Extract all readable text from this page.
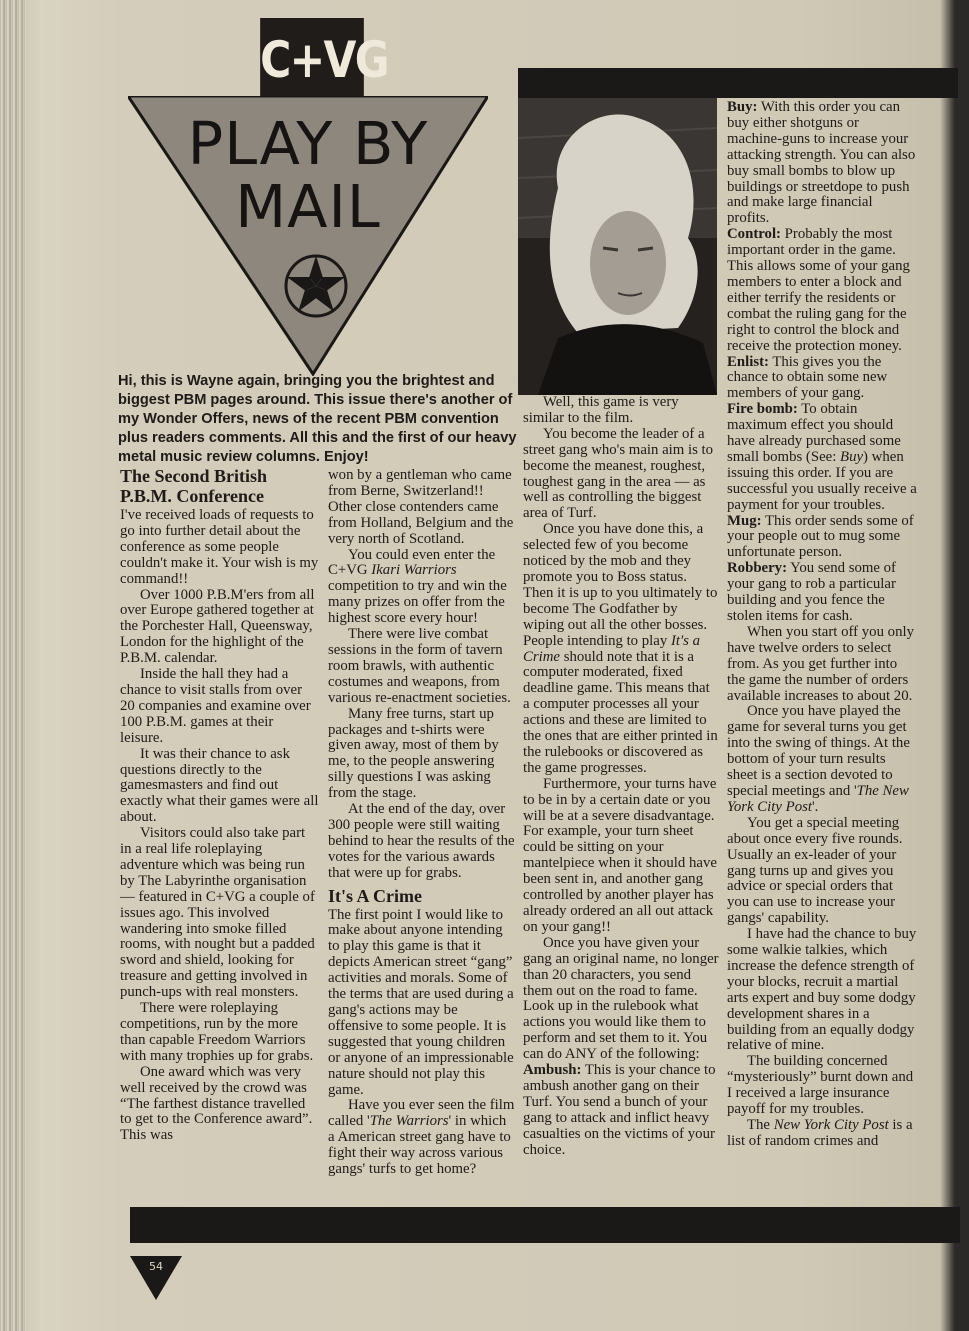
C+VG
PLAY BY MAIL
Hi, this is Wayne again, bringing you the brightest and biggest PBM pages around. This issue there's another of my Wonder Offers, news of the recent PBM convention plus readers comments. All this and the first of our heavy metal music review columns. Enjoy!
The Second British P.B.M. Conference

I've received loads of requests to go into further detail about the conference as some people couldn't make it. Your wish is my command!!

Over 1000 P.B.M'ers from all over Europe gathered together at the Porchester Hall, Queensway, London for the highlight of the P.B.M. calendar.

Inside the hall they had a chance to visit stalls from over 20 companies and examine over 100 P.B.M. games at their leisure.

It was their chance to ask questions directly to the gamesmasters and find out exactly what their games were all about.

Visitors could also take part in a real life roleplaying adventure which was being run by The Labyrinthe organisation — featured in C+VG a couple of issues ago. This involved wandering into smoke filled rooms, with nought but a padded sword and shield, looking for treasure and getting involved in punch-ups with real monsters.

There were roleplaying competitions, run by the more than capable Freedom Warriors with many trophies up for grabs.

One award which was very well received by the crowd was “The farthest distance travelled to get to the Conference award”. This was

won by a gentleman who came from Berne, Switzerland!! Other close contenders came from Holland, Belgium and the very north of Scotland.

You could even enter the C+VG Ikari Warriors competition to try and win the many prizes on offer from the highest score every hour!

There were live combat sessions in the form of tavern room brawls, with authentic costumes and weapons, from various re-enactment societies.

Many free turns, start up packages and t-shirts were given away, most of them by me, to the people answering silly questions I was asking from the stage.

At the end of the day, over 300 people were still waiting behind to hear the results of the votes for the various awards that were up for grabs.

It's A Crime

The first point I would like to make about anyone intending to play this game is that it depicts American street “gang” activities and morals. Some of the terms that are used during a gang's actions may be offensive to some people. It is suggested that young children or anyone of an impressionable nature should not play this game.

Have you ever seen the film called 'The Warriors' in which a American street gang have to fight their way across various gangs' turfs to get home?

Well, this game is very similar to the film.

You become the leader of a street gang who's main aim is to become the meanest, roughest, toughest gang in the area — as well as controlling the biggest area of Turf.

Once you have done this, a selected few of you become noticed by the mob and they promote you to Boss status. Then it is up to you ultimately to become The Godfather by wiping out all the other bosses. People intending to play It's a Crime should note that it is a computer moderated, fixed deadline game. This means that a computer processes all your actions and these are limited to the ones that are either printed in the rulebooks or discovered as the game progresses.

Furthermore, your turns have to be in by a certain date or you will be at a severe disadvantage. For example, your turn sheet could be sitting on your mantelpiece when it should have been sent in, and another gang controlled by another player has already ordered an all out attack on your gang!!

Once you have given your gang an original name, no longer than 20 characters, you send them out on the road to fame. Look up in the rulebook what actions you would like them to perform and set them to it. You can do ANY of the following:

Ambush: This is your chance to ambush another gang on their Turf. You send a bunch of your gang to attack and inflict heavy casualties on the victims of your choice.

Buy: With this order you can buy either shotguns or machine-guns to increase your attacking strength. You can also buy small bombs to blow up buildings or streetdope to push and make large financial profits.

Control: Probably the most important order in the game. This allows some of your gang members to enter a block and either terrify the residents or combat the ruling gang for the right to control the block and receive the protection money.

Enlist: This gives you the chance to obtain some new members of your gang.

Fire bomb: To obtain maximum effect you should have already purchased some small bombs (See: Buy) when issuing this order. If you are successful you usually receive a payment for your troubles.

Mug: This order sends some of your people out to mug some unfortunate person.

Robbery: You send some of your gang to rob a particular building and you fence the stolen items for cash.

When you start off you only have twelve orders to select from. As you get further into the game the number of orders available increases to about 20.

Once you have played the game for several turns you get into the swing of things. At the bottom of your turn results sheet is a section devoted to special meetings and 'The New York City Post'.

You get a special meeting about once every five rounds. Usually an ex-leader of your gang turns up and gives you advice or special orders that you can use to increase your gangs' capability.

I have had the chance to buy some walkie talkies, which increase the defence strength of your blocks, recruit a martial arts expert and buy some dodgy development shares in a building from an equally dodgy relative of mine.

The building concerned “mysteriously” burnt down and I received a large insurance payoff for my troubles.

The New York City Post is a list of random crimes and

54
